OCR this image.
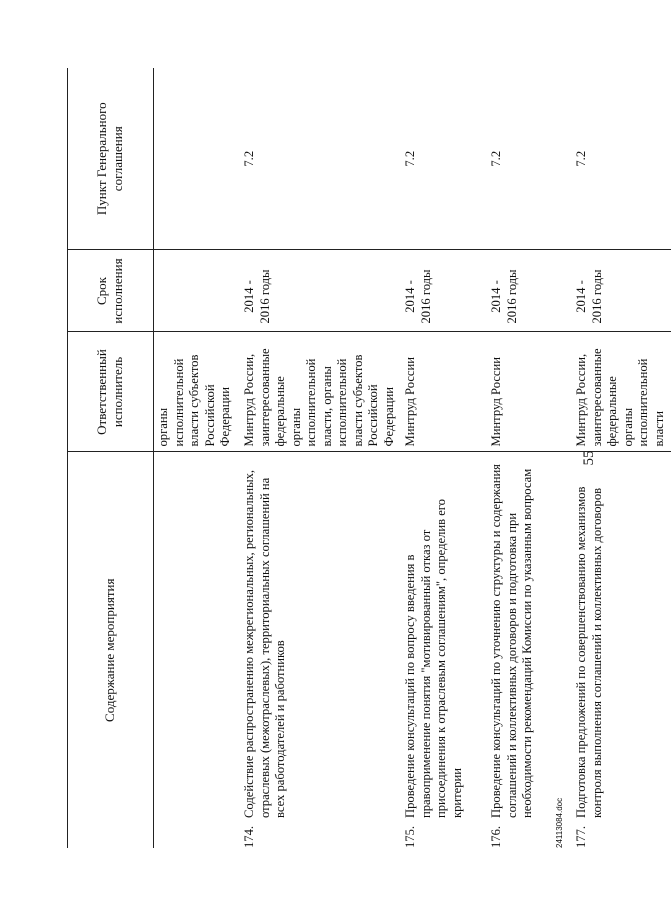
55
Содержание мероприятия	Ответственный исполнитель	Срок исполнения	Пункт Генерального соглашения
	органы исполнительной власти субъектов Российской Федерации		

174.
Содействие распространению межрегиональных, региональных, отраслевых (межотраслевых), территориальных соглашений на всех работодателей и работников	Минтруд России, заинтересованные федеральные органы исполнительной власти, органы исполнительной власти субъектов Российской Федерации	2014 - 2016 годы	7.2

175.
Проведение консультаций по вопросу введения в правоприменение понятия "мотивированный отказ от присоединения к отраслевым соглашениям", определив его критерии	Минтруд России	2014 - 2016 годы	7.2

176.
Проведение консультаций по уточнению структуры и содержания соглашений и коллективных договоров и подготовка при необходимости рекомендаций Комиссии по указанным вопросам	Минтруд России	2014 - 2016 годы	7.2

177.
Подготовка предложений по совершенствованию механизмов контроля выполнения соглашений и коллективных договоров	Минтруд России, заинтересованные федеральные органы исполнительной власти	2014 - 2016 годы	7.2
24113084.doc
